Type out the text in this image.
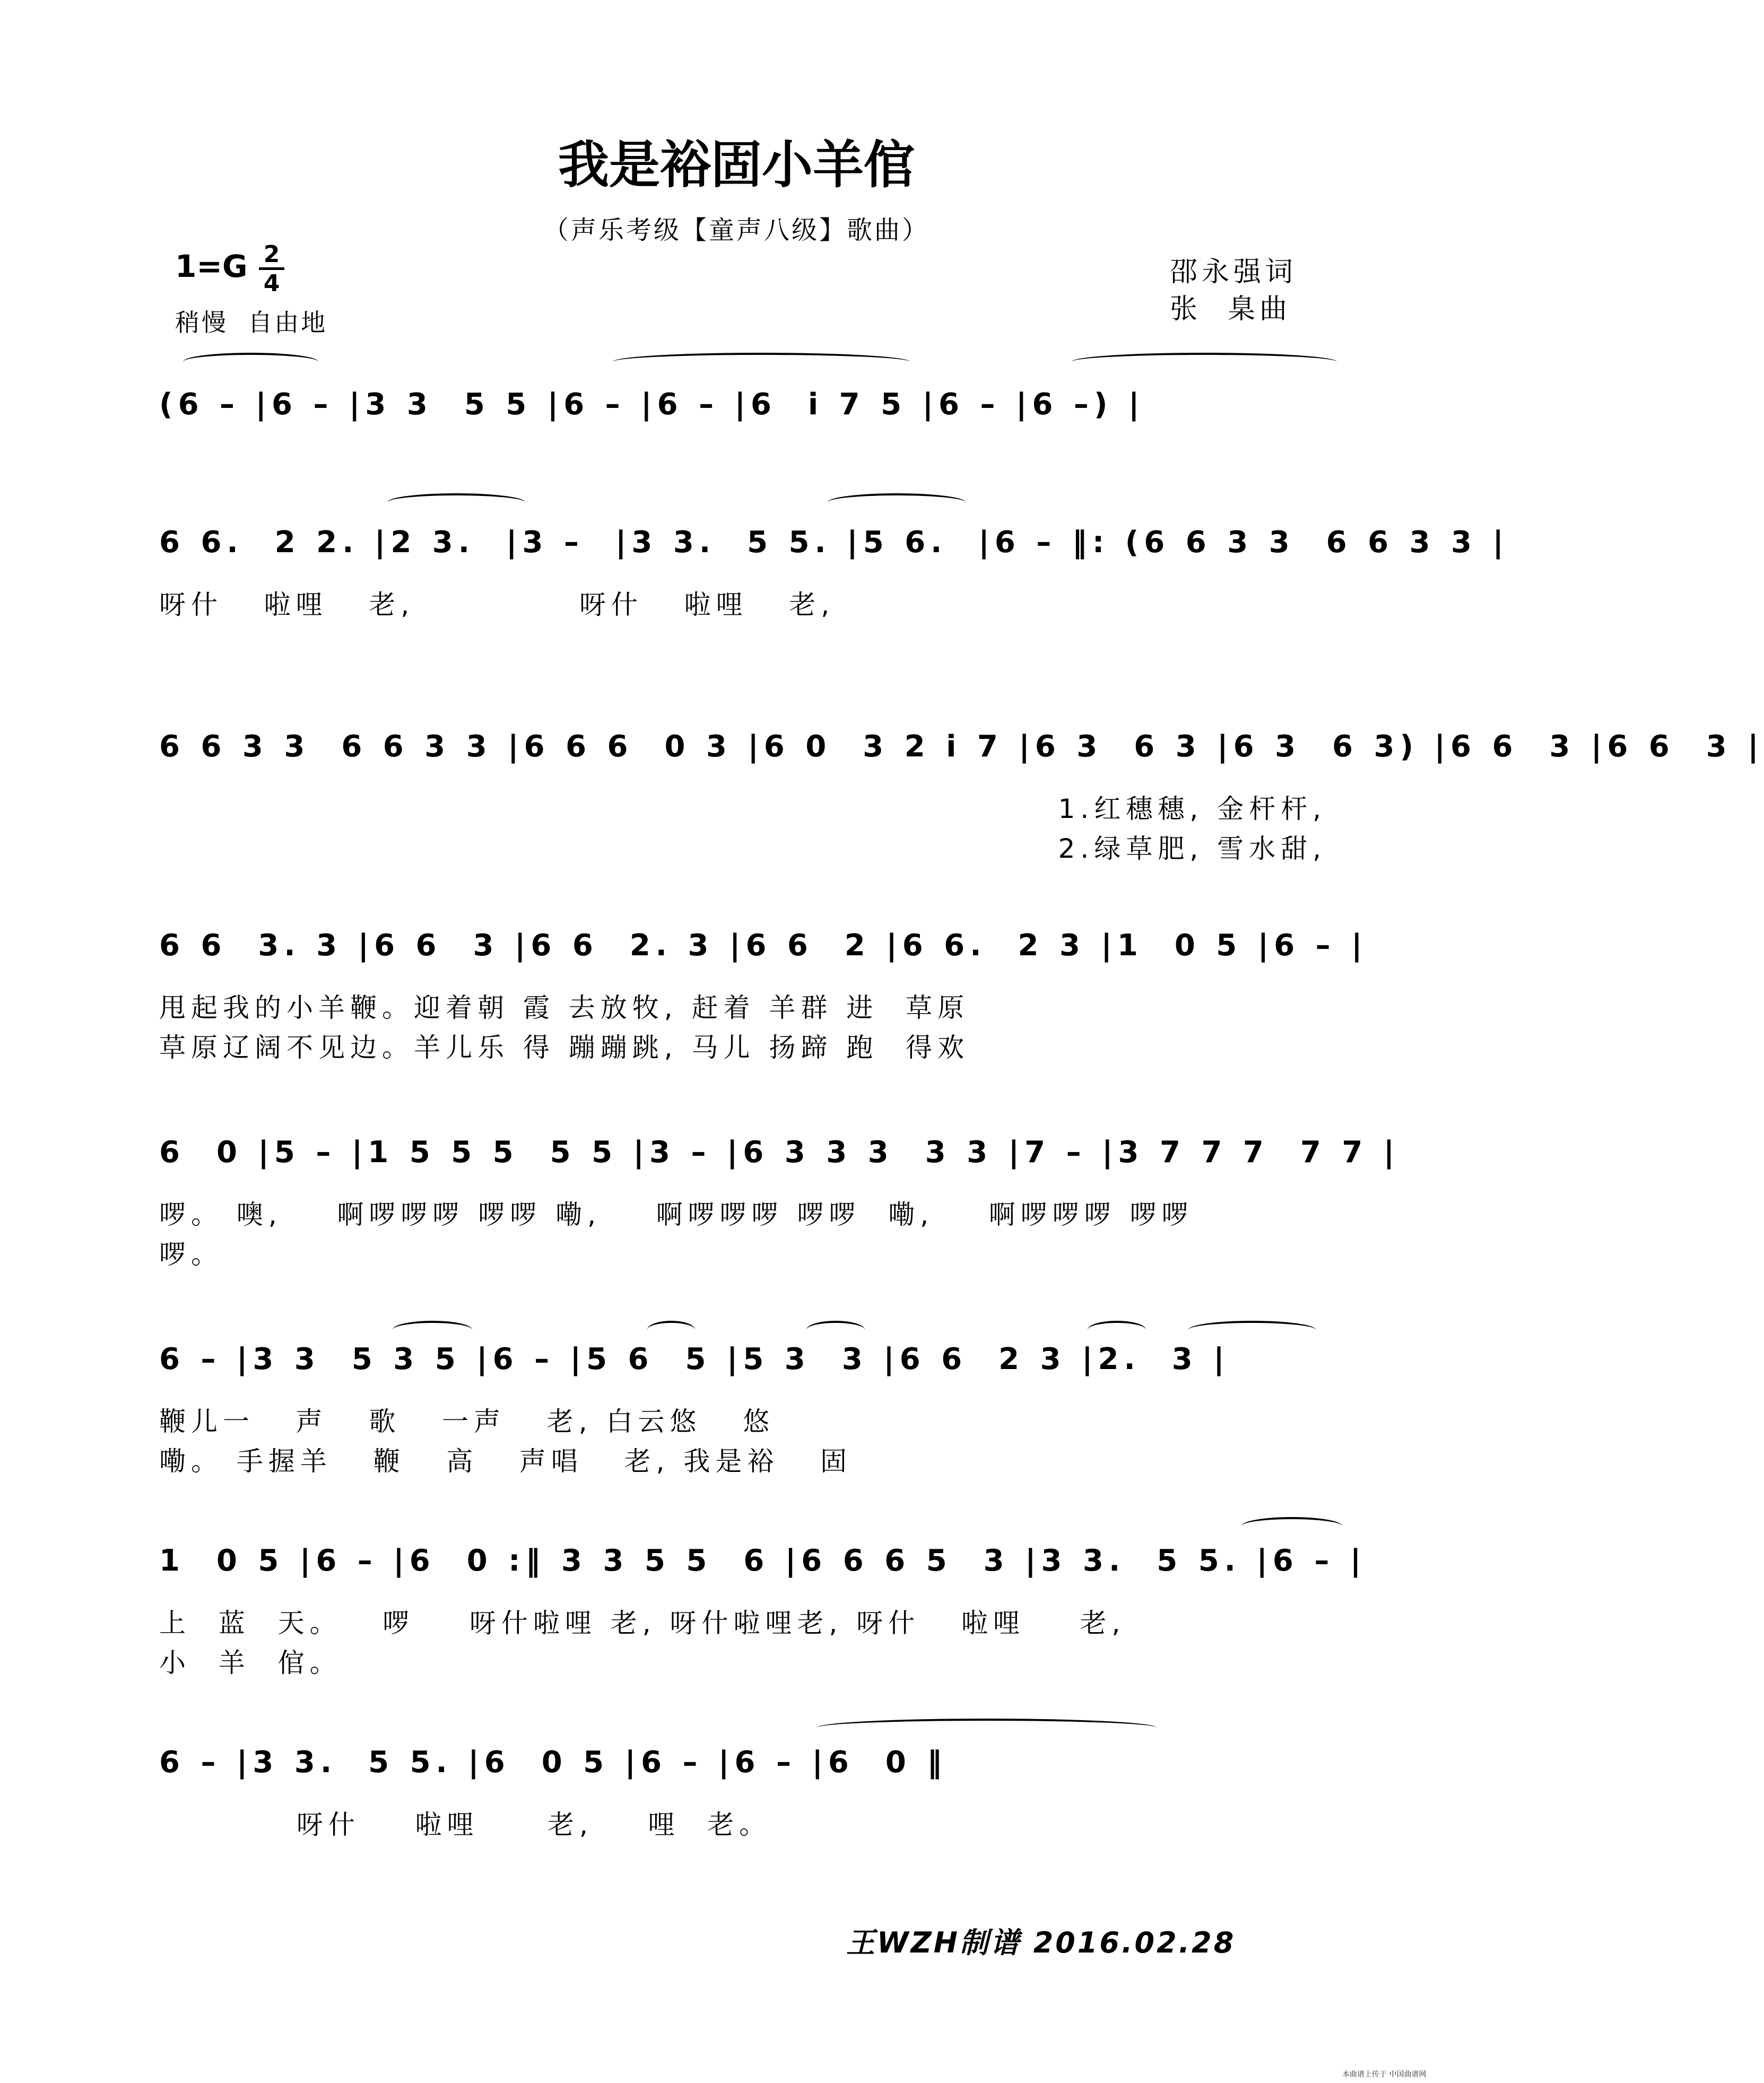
我是裕固小羊倌
（声乐考级【童声八级】歌曲）
$1=G \frac{2}{4}$
稍慢  自由地
邵永强词
张  臬曲
(6 – |6 – |3 3  5 5 |6 – |6 – |6  i 7 5 |6 – |6 –) |
6 6.  2 2. |2 3.  |3 –  |3 3.  5 5. |5 6.  |6 – ‖: (6 6 3 3  6 6 3 3 |
呀什   啦哩   老,            呀什   啦哩   老,
6 6 3 3  6 6 3 3 |6 6 6  0 3 |6 0  3 2 i 7 |6 3  6 3 |6 3  6 3) |6 6  3 |6 6  3 |
1.红穗穗, 金杆杆,
2.绿草肥, 雪水甜,
6 6  3. 3 |6 6  3 |6 6  2. 3 |6 6  2 |6 6.  2 3 |1  0 5 |6 – |
甩起我的小羊鞭。迎着朝 霞 去放牧, 赶着 羊群 进  草原
草原辽阔不见边。羊儿乐 得 蹦蹦跳, 马儿 扬蹄 跑  得欢
6  0 |5 – |1 5 5 5  5 5 |3 – |6 3 3 3  3 3 |7 – |3 7 7 7  7 7 |
啰。 噢,    啊啰啰啰 啰啰 嘞,    啊啰啰啰 啰啰  嘞,    啊啰啰啰 啰啰
啰。
6 – |3 3  5 3 5 |6 – |5 6  5 |5 3  3 |6 6  2 3 |2.  3 |
鞭儿一   声   歌   一声   老, 白云悠   悠
嘞。 手握羊   鞭   高   声唱   老, 我是裕   固
1  0 5 |6 – |6  0 :‖ 3 3 5 5  6 |6 6 6 5  3 |3 3.  5 5. |6 – |
上  蓝  天。   啰    呀什啦哩 老, 呀什啦哩老, 呀什   啦哩    老,
小  羊  倌。
6 – |3 3.  5 5. |6  0 5 |6 – |6 – |6  0 ‖
呀什    啦哩     老,    哩  老。
王WZH制谱 2016.02.28
本曲谱上传于 中国曲谱网
